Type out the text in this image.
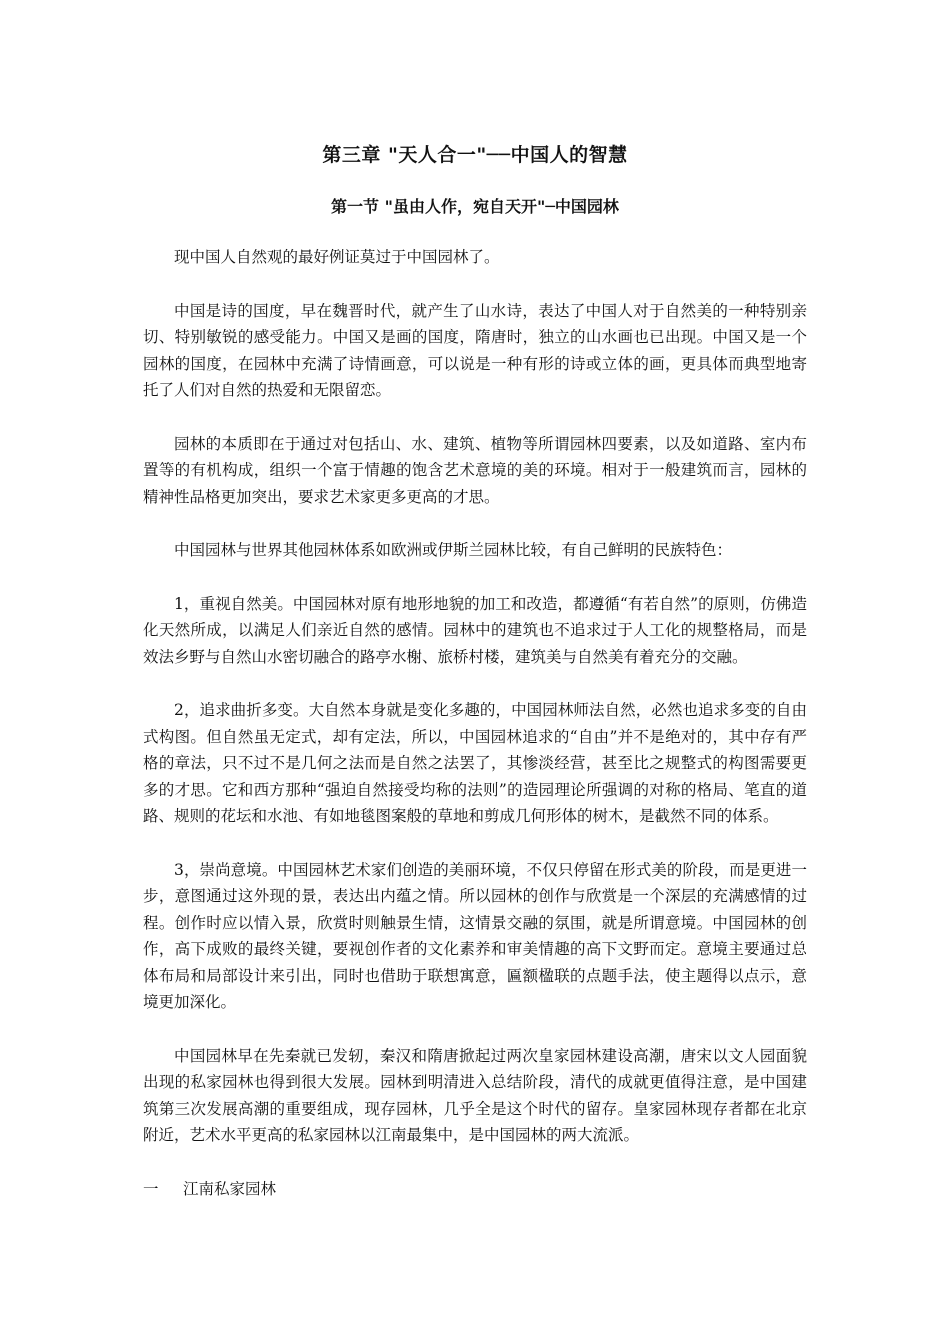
第三章 "天人合一"──中国人的智慧
第一节 "虽由人作，宛自天开"─中国园林

现中国人自然观的最好例证莫过于中国园林了。

中国是诗的国度，早在魏晋时代，就产生了山水诗，表达了中国人对于自然美的一种特别亲切、特别敏锐的感受能力。中国又是画的国度，隋唐时，独立的山水画也已出现。中国又是一个园林的国度，在园林中充满了诗情画意，可以说是一种有形的诗或立体的画，更具体而典型地寄托了人们对自然的热爱和无限留恋。

园林的本质即在于通过对包括山、水、建筑、植物等所谓园林四要素，以及如道路、室内布置等的有机构成，组织一个富于情趣的饱含艺术意境的美的环境。相对于一般建筑而言，园林的精神性品格更加突出，要求艺术家更多更高的才思。

中国园林与世界其他园林体系如欧洲或伊斯兰园林比较，有自己鲜明的民族特色：

1，重视自然美。中国园林对原有地形地貌的加工和改造，都遵循“有若自然”的原则，仿佛造化天然所成，以满足人们亲近自然的感情。园林中的建筑也不追求过于人工化的规整格局，而是效法乡野与自然山水密切融合的路亭水榭、旅桥村楼，建筑美与自然美有着充分的交融。

2，追求曲折多变。大自然本身就是变化多趣的，中国园林师法自然，必然也追求多变的自由式构图。但自然虽无定式，却有定法，所以，中国园林追求的“自由”并不是绝对的，其中存有严格的章法，只不过不是几何之法而是自然之法罢了，其惨淡经营，甚至比之规整式的构图需要更多的才思。它和西方那种“强迫自然接受均称的法则”的造园理论所强调的对称的格局、笔直的道路、规则的花坛和水池、有如地毯图案般的草地和剪成几何形体的树木，是截然不同的体系。

3，崇尚意境。中国园林艺术家们创造的美丽环境，不仅只停留在形式美的阶段，而是更进一步，意图通过这外现的景，表达出内蕴之情。所以园林的创作与欣赏是一个深层的充满感情的过程。创作时应以情入景，欣赏时则触景生情，这情景交融的氛围，就是所谓意境。中国园林的创作，高下成败的最终关键，要视创作者的文化素养和审美情趣的高下文野而定。意境主要通过总体布局和局部设计来引出，同时也借助于联想寓意，匾额楹联的点题手法，使主题得以点示，意境更加深化。

中国园林早在先秦就已发轫，秦汉和隋唐掀起过两次皇家园林建设高潮，唐宋以文人园面貌出现的私家园林也得到很大发展。园林到明清进入总结阶段，清代的成就更值得注意，是中国建筑第三次发展高潮的重要组成，现存园林，几乎全是这个时代的留存。皇家园林现存者都在北京附近，艺术水平更高的私家园林以江南最集中，是中国园林的两大流派。

一 江南私家园林
